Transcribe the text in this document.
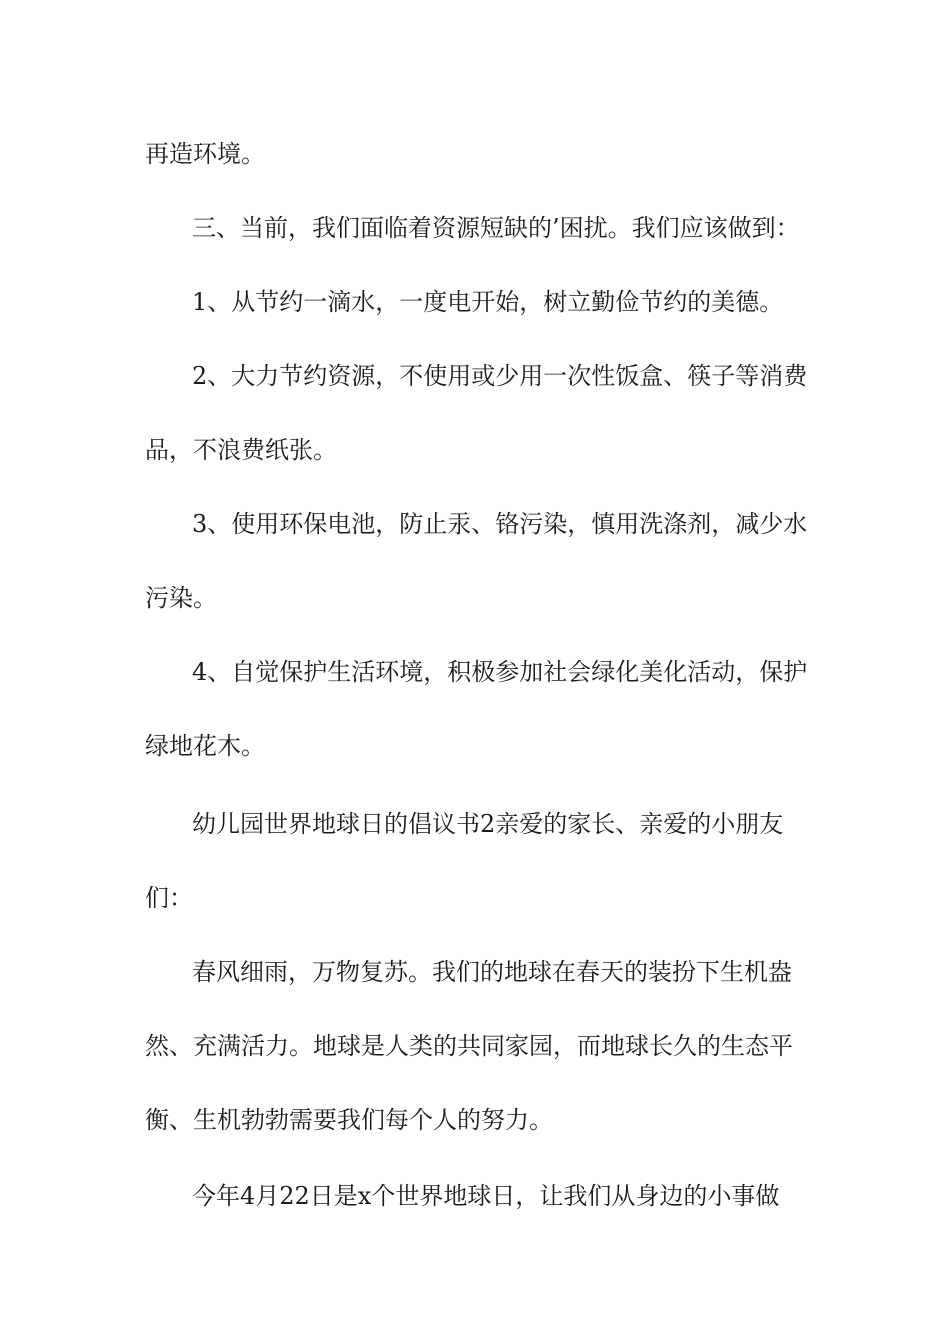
再造环境。
三、当前，我们面临着资源短缺的’困扰。我们应该做到：
1、从节约一滴水，一度电开始，树立勤俭节约的美德。
2、大力节约资源，不使用或少用一次性饭盒、筷子等消费
品，不浪费纸张。
3、使用环保电池，防止汞、铬污染，慎用洗涤剂，减少水
污染。
4、自觉保护生活环境，积极参加社会绿化美化活动，保护
绿地花木。
幼儿园世界地球日的倡议书2亲爱的家长、亲爱的小朋友
们：
春风细雨，万物复苏。我们的地球在春天的装扮下生机盎
然、充满活力。地球是人类的共同家园，而地球长久的生态平
衡、生机勃勃需要我们每个人的努力。
今年4月22日是x个世界地球日，让我们从身边的小事做
